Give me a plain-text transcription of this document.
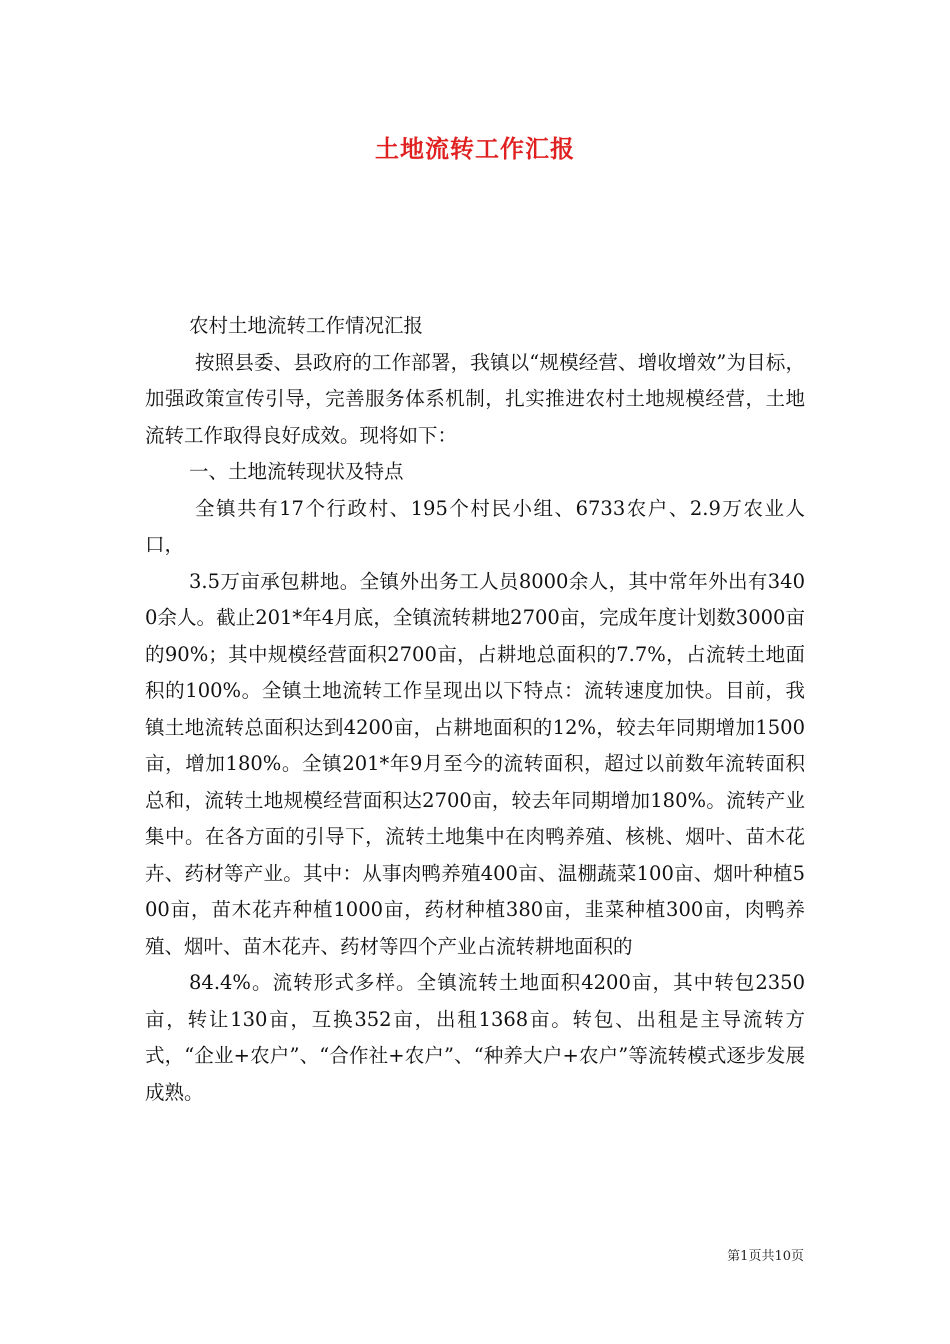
土地流转工作汇报

农村土地流转工作情况汇报

按照县委、县政府的工作部署，我镇以“规模经营、增收增效”为目标，加强政策宣传引导，完善服务体系机制，扎实推进农村土地规模经营，土地流转工作取得良好成效。现将如下：

一、土地流转现状及特点

全镇共有17个行政村、195个村民小组、6733农户、2.9万农业人口，

3.5万亩承包耕地。全镇外出务工人员8000余人，其中常年外出有3400余人。截止201*年4月底，全镇流转耕地2700亩，完成年度计划数3000亩的90%；其中规模经营面积2700亩，占耕地总面积的7.7%，占流转土地面积的100%。全镇土地流转工作呈现出以下特点：流转速度加快。目前，我镇土地流转总面积达到4200亩，占耕地面积的12%，较去年同期增加1500亩，增加180%。全镇201*年9月至今的流转面积，超过以前数年流转面积总和，流转土地规模经营面积达2700亩，较去年同期增加180%。流转产业集中。在各方面的引导下，流转土地集中在肉鸭养殖、核桃、烟叶、苗木花卉、药材等产业。其中：从事肉鸭养殖400亩、温棚蔬菜100亩、烟叶种植500亩，苗木花卉种植1000亩，药材种植380亩，韭菜种植300亩，肉鸭养殖、烟叶、苗木花卉、药材等四个产业占流转耕地面积的

84.4%。流转形式多样。全镇流转土地面积4200亩，其中转包2350亩，转让130亩，互换352亩，出租1368亩。转包、出租是主导流转方式，“企业+农户”、“合作社+农户”、“种养大户+农户”等流转模式逐步发展成熟。

第1页共10页
